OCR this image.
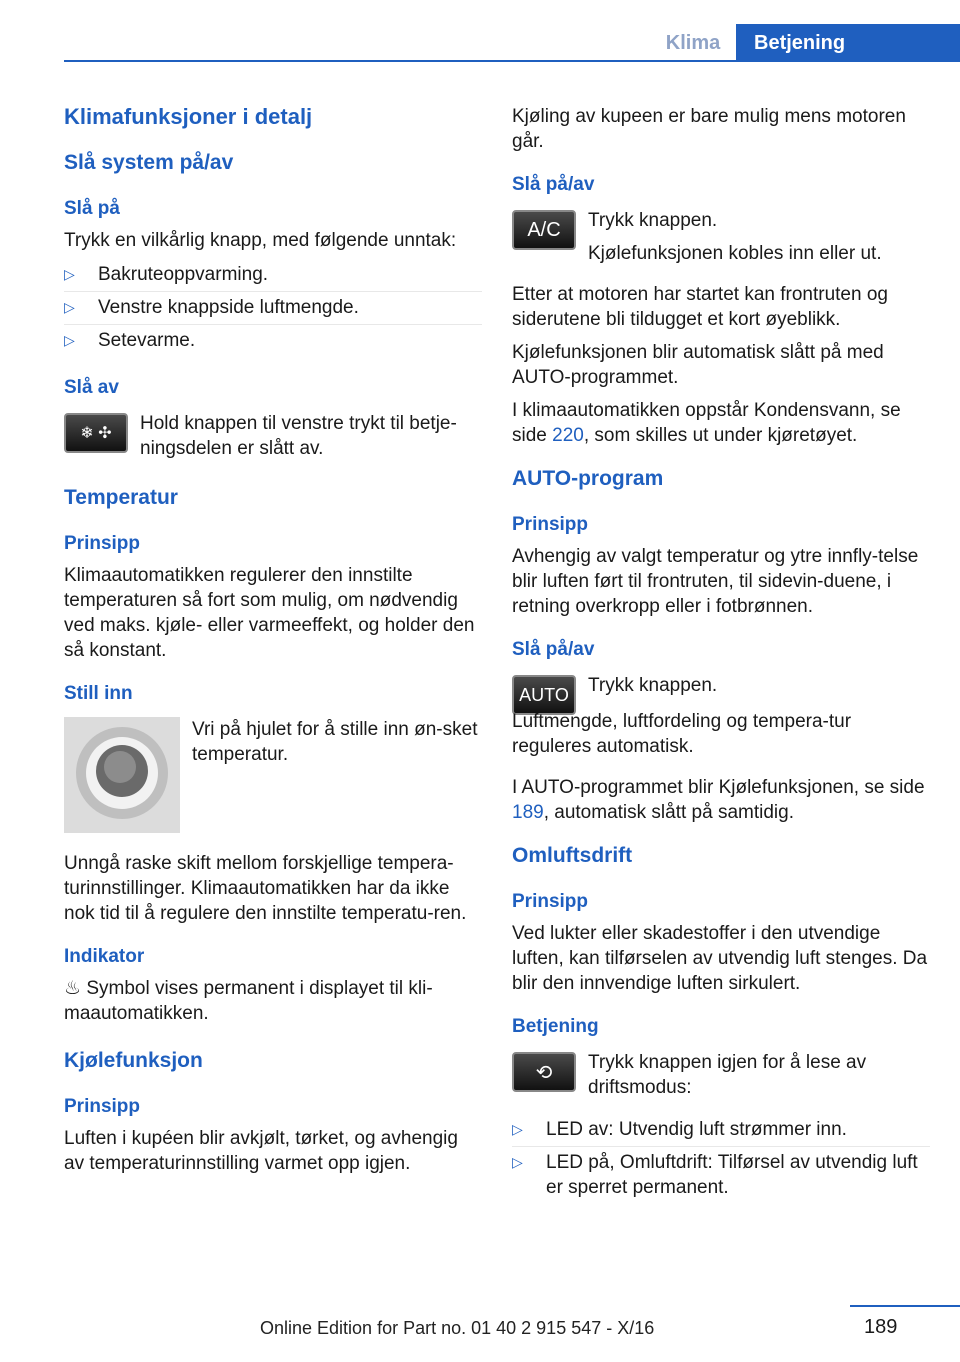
Klima	Betjening
Klimafunksjoner i detalj
Slå system på/av
Slå på

Trykk en vilkårlig knapp, med følgende unntak:

▷ Bakruteoppvarming.
▷ Venstre knappside luftmengde.
▷ Setevarme.
Slå av
❄ ✣	Hold knappen til venstre trykt til betje-ningsdelen er slått av.

Temperatur
Prinsipp

Klimaautomatikken regulerer den innstilte temperaturen så fort som mulig, om nødvendig ved maks. kjøle- eller varmeeffekt, og holder den så konstant.

Still inn

Vri på hjulet for å stille inn øn-sket temperatur.

Unngå raske skift mellom forskjellige tempera-turinnstillinger. Klimaautomatikken har da ikke nok tid til å regulere den innstilte temperatu-ren.

Indikator

♨ Symbol vises permanent i displayet til kli-maautomatikken.

Kjølefunksjon
Prinsipp

Luften i kupéen blir avkjølt, tørket, og avhengig av temperaturinnstilling varmet opp igjen.

Kjøling av kupeen er bare mulig mens motoren går.

Slå på/av
A/C	Trykk knappen.

Kjølefunksjonen kobles inn eller ut.

Etter at motoren har startet kan frontruten og siderutene bli tildugget et kort øyeblikk.

Kjølefunksjonen blir automatisk slått på med AUTO-programmet.

I klimaautomatikken oppstår Kondensvann, se side 220, som skilles ut under kjøretøyet.

AUTO-program
Prinsipp

Avhengig av valgt temperatur og ytre innfly-telse blir luften ført til frontruten, til sidevin-duene, i retning overkropp eller i fotbrønnen.

Slå på/av
AUTO	Trykk knappen.

Luftmengde, luftfordeling og tempera-tur reguleres automatisk.

I AUTO-programmet blir Kjølefunksjonen, se side 189, automatisk slått på samtidig.

Omluftsdrift
Prinsipp

Ved lukter eller skadestoffer i den utvendige luften, kan tilførselen av utvendig luft stenges. Da blir den innvendige luften sirkulert.

Betjening
⟲	Trykk knappen igjen for å lese av driftsmodus:

▷ LED av: Utvendig luft strømmer inn.
▷ LED på, Omluftdrift: Tilførsel av utvendig luft er sperret permanent.
189
Online Edition for Part no. 01 40 2 915 547 - X/16
